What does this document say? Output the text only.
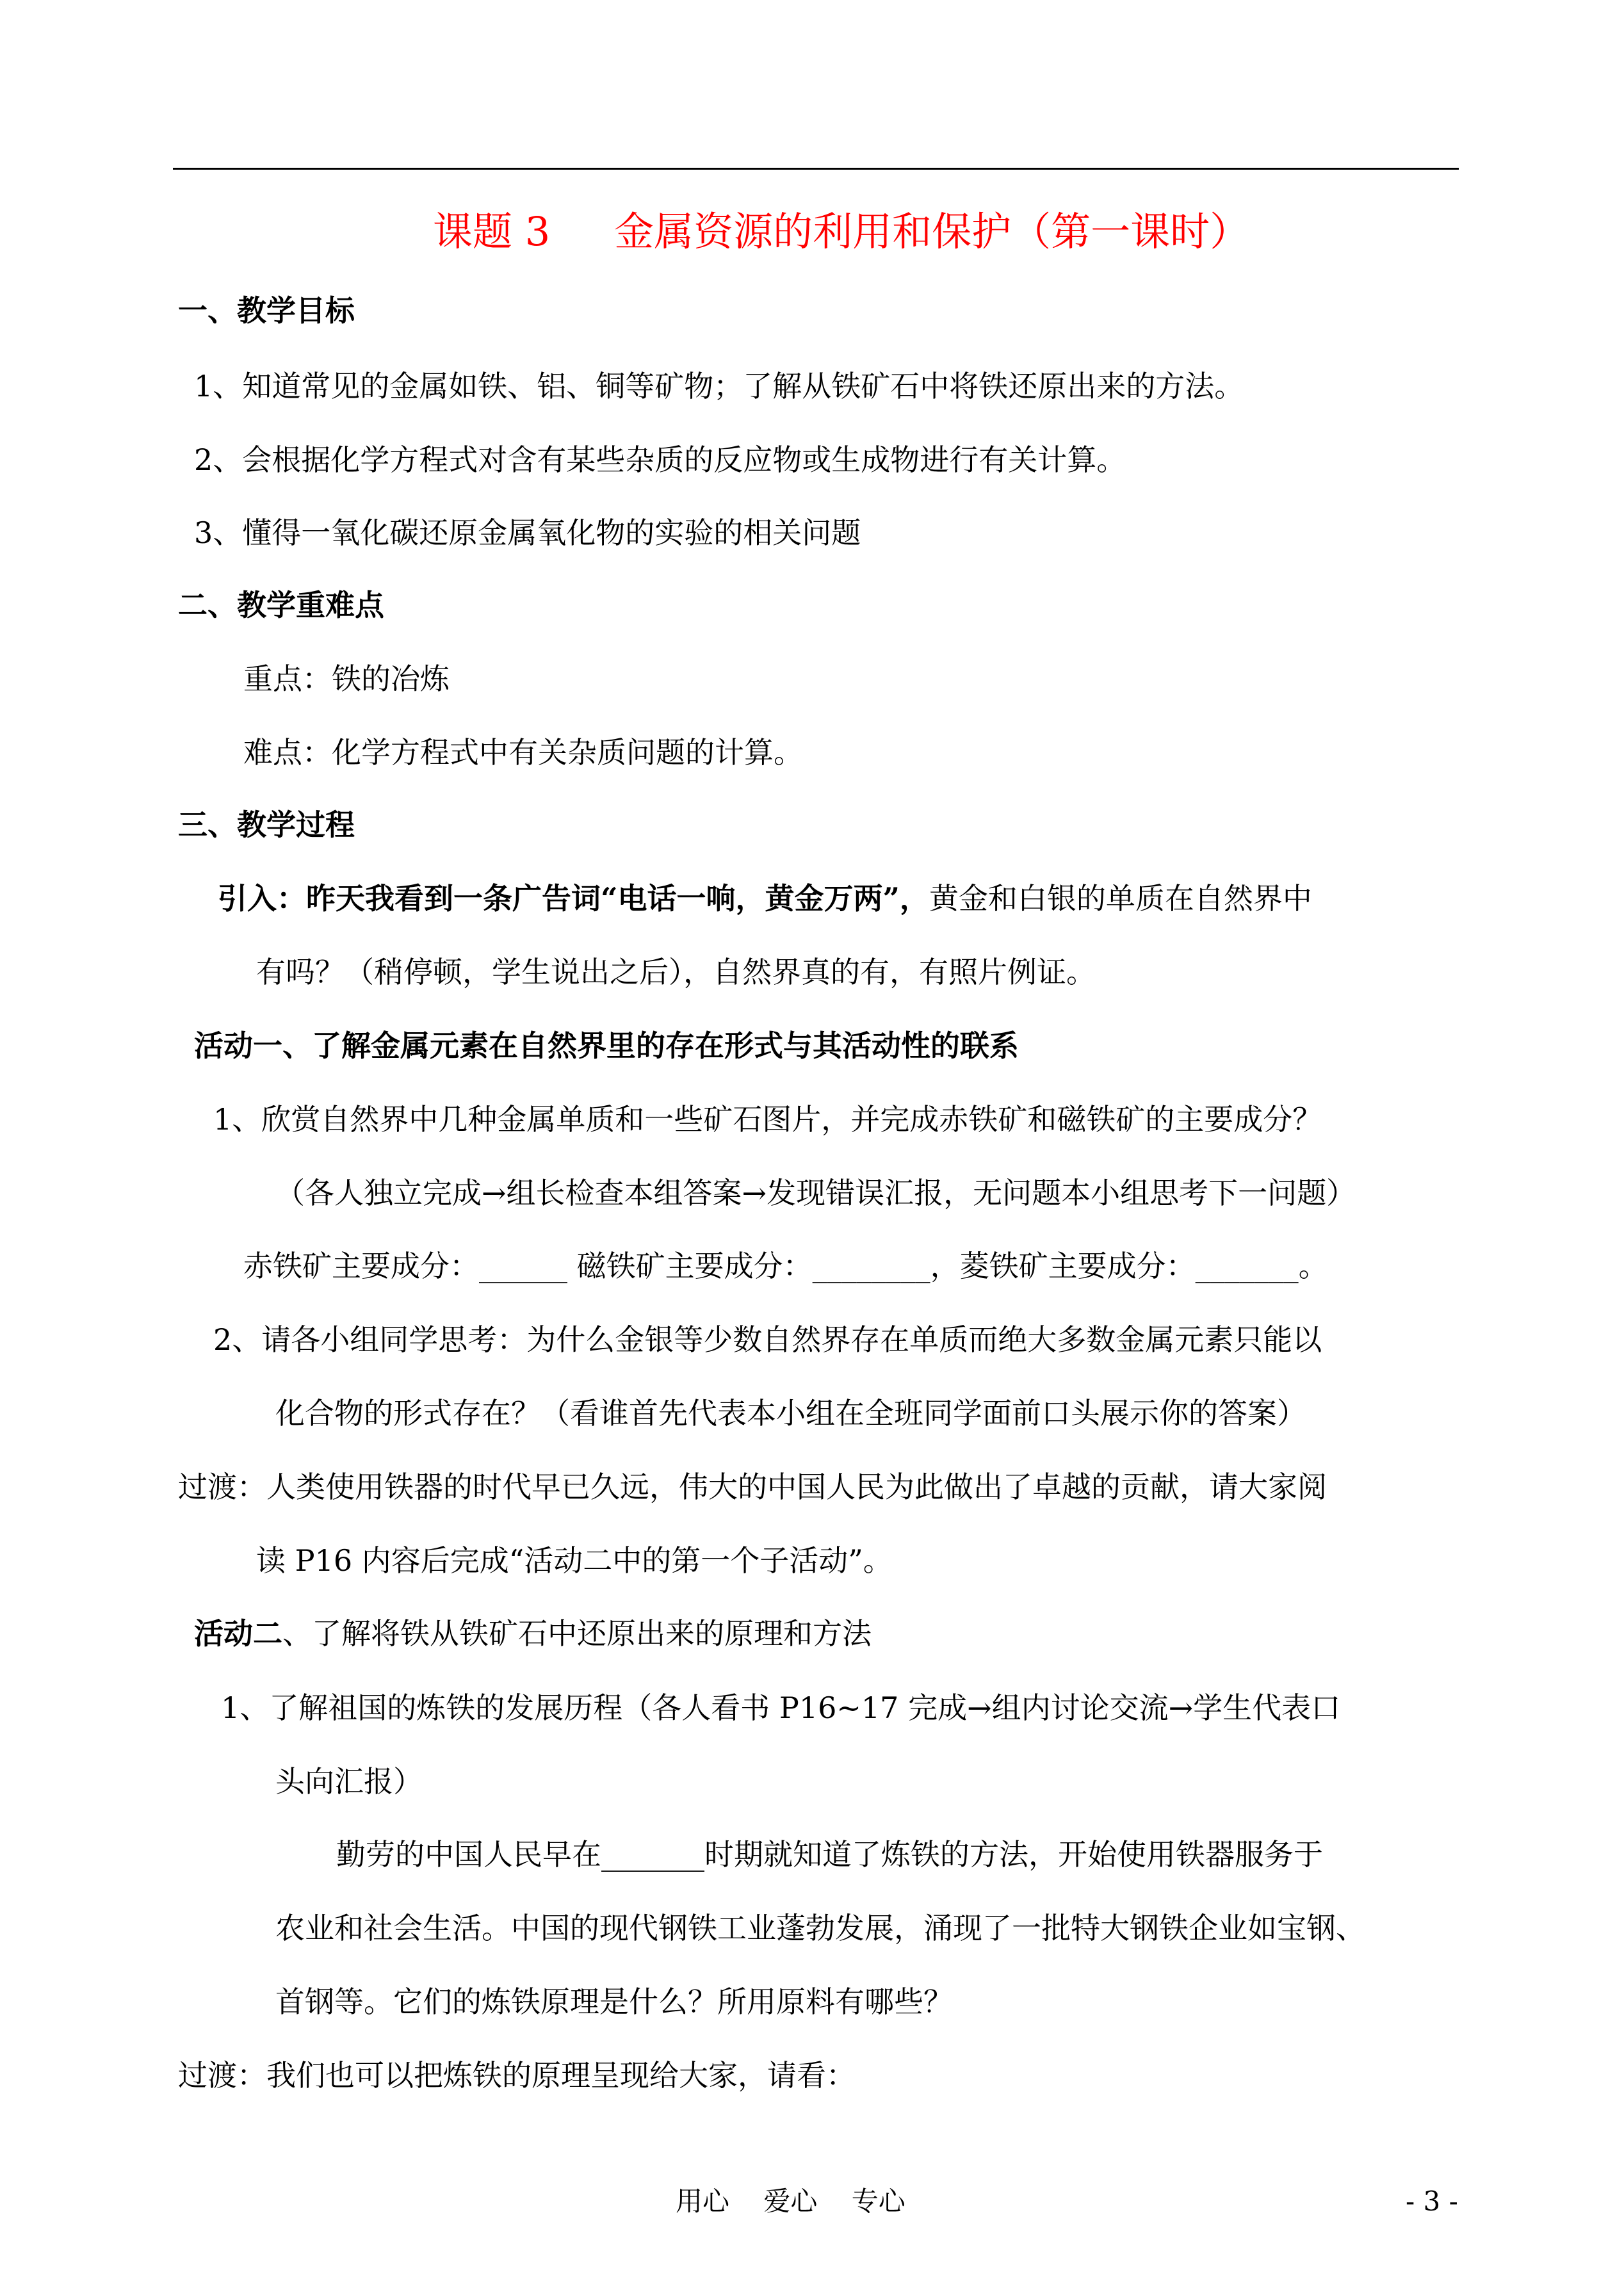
课题 3 金属资源的利用和保护（第一课时）
一、教学目标
1、知道常见的金属如铁、铝、铜等矿物；了解从铁矿石中将铁还原出来的方法。
2、会根据化学方程式对含有某些杂质的反应物或生成物进行有关计算。
3、懂得一氧化碳还原金属氧化物的实验的相关问题
二、教学重难点
重点：铁的冶炼
难点：化学方程式中有关杂质问题的计算。
三、教学过程
引入：昨天我看到一条广告词“电话一响，黄金万两”，黄金和白银的单质在自然界中
有吗？（稍停顿，学生说出之后），自然界真的有，有照片例证。
活动一、了解金属元素在自然界里的存在形式与其活动性的联系
1、欣赏自然界中几种金属单质和一些矿石图片，并完成赤铁矿和磁铁矿的主要成分？
（各人独立完成→组长检查本组答案→发现错误汇报，无问题本小组思考下一问题）
赤铁矿主要成分：______ 磁铁矿主要成分：________，菱铁矿主要成分：_______。
2、请各小组同学思考：为什么金银等少数自然界存在单质而绝大多数金属元素只能以
化合物的形式存在？（看谁首先代表本小组在全班同学面前口头展示你的答案）
过渡：人类使用铁器的时代早已久远，伟大的中国人民为此做出了卓越的贡献，请大家阅
读 P16 内容后完成“活动二中的第一个子活动”。
活动二、了解将铁从铁矿石中还原出来的原理和方法
1、了解祖国的炼铁的发展历程（各人看书 P16~17 完成→组内讨论交流→学生代表口
头向汇报）
勤劳的中国人民早在_______时期就知道了炼铁的方法，开始使用铁器服务于
农业和社会生活。中国的现代钢铁工业蓬勃发展，涌现了一批特大钢铁企业如宝钢、
首钢等。它们的炼铁原理是什么？所用原料有哪些？
过渡：我们也可以把炼铁的原理呈现给大家，请看：
用心 爱心 专心	- 3 -
